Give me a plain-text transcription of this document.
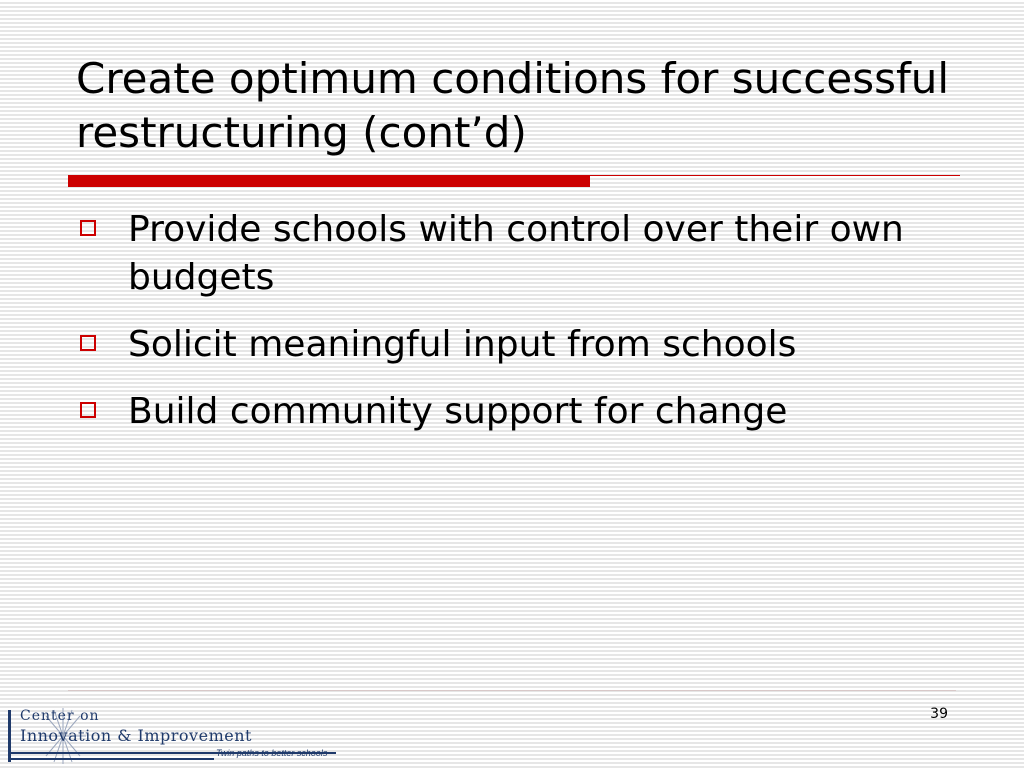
Create optimum conditions for successful restructuring (cont’d)
Provide schools with control over their own budgets
Solicit meaningful input from schools
Build community support for change
39
Center on
Innovation & Improvement
Twin paths to better schools
